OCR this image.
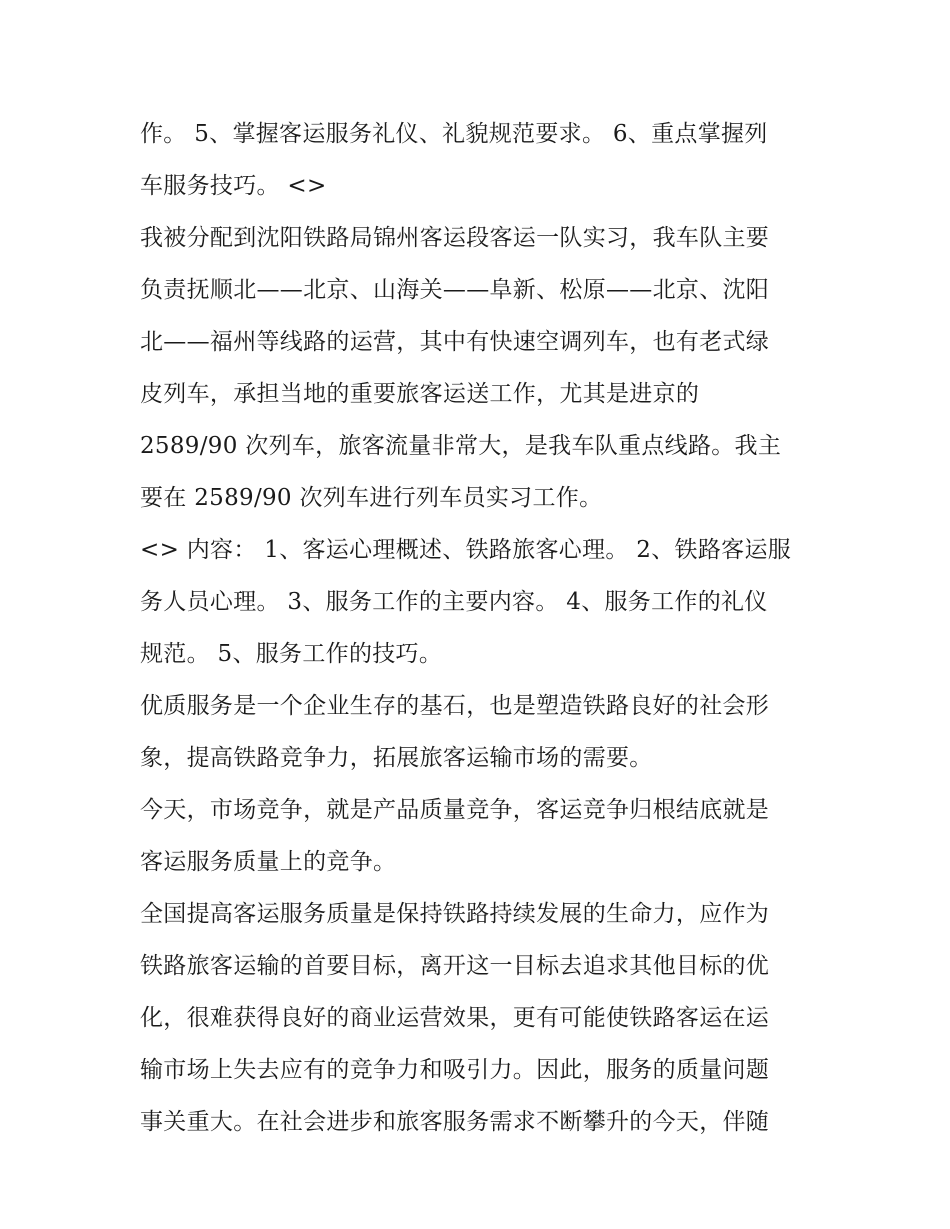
作。 5、掌握客运服务礼仪、礼貌规范要求。 6、重点掌握列
车服务技巧。 <>
我被分配到沈阳铁路局锦州客运段客运一队实习，我车队主要
负责抚顺北——北京、山海关——阜新、松原——北京、沈阳
北——福州等线路的运营，其中有快速空调列车，也有老式绿
皮列车，承担当地的重要旅客运送工作，尤其是进京的
2589/90 次列车，旅客流量非常大，是我车队重点线路。我主
要在 2589/90 次列车进行列车员实习工作。
<> 内容： 1、客运心理概述、铁路旅客心理。 2、铁路客运服
务人员心理。 3、服务工作的主要内容。 4、服务工作的礼仪
规范。 5、服务工作的技巧。
优质服务是一个企业生存的基石，也是塑造铁路良好的社会形
象，提高铁路竞争力，拓展旅客运输市场的需要。
今天，市场竞争，就是产品质量竞争，客运竞争归根结底就是
客运服务质量上的竞争。
全国提高客运服务质量是保持铁路持续发展的生命力，应作为
铁路旅客运输的首要目标，离开这一目标去追求其他目标的优
化，很难获得良好的商业运营效果，更有可能使铁路客运在运
输市场上失去应有的竞争力和吸引力。因此，服务的质量问题
事关重大。在社会进步和旅客服务需求不断攀升的今天，伴随
